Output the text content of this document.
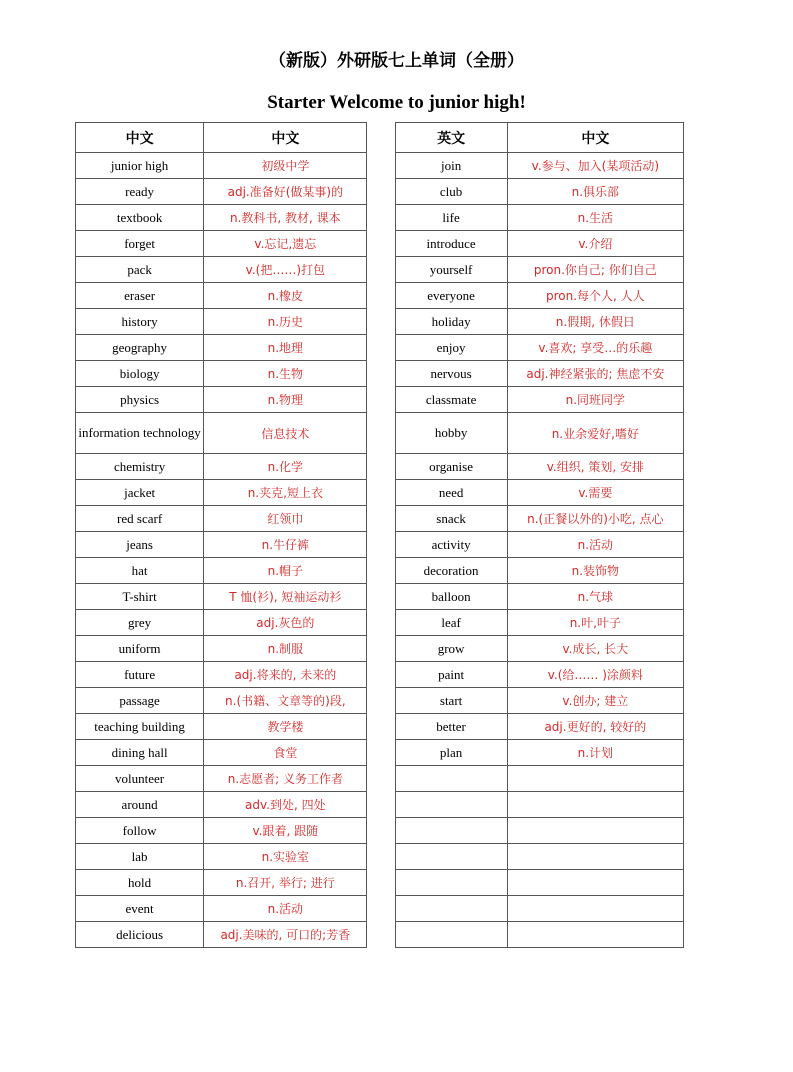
（新版）外研版七上单词（全册）
Starter Welcome to junior high!
中文	中文		英文	中文
junior high	初级中学		join	v.参与、加入(某项活动)
ready	adj.准备好(做某事)的		club	n.俱乐部
textbook	n.教科书, 教材, 课本		life	n.生活
forget	v.忘记,遗忘		introduce	v.介绍
pack	v.(把……)打包		yourself	pron.你自己; 你们自己
eraser	n.橡皮		everyone	pron.每个人, 人人
history	n.历史		holiday	n.假期, 休假日
geography	n.地理		enjoy	v.喜欢; 享受…的乐趣
biology	n.生物		nervous	adj.神经紧张的; 焦虑不安
physics	n.物理		classmate	n.同班同学
information technology	信息技术		hobby	n.业余爱好,嗜好
chemistry	n.化学		organise	v.组织, 策划, 安排
jacket	n.夹克,短上衣		need	v.需要
red scarf	红领巾		snack	n.(正餐以外的)小吃, 点心
jeans	n.牛仔裤		activity	n.活动
hat	n.帽子		decoration	n.装饰物
T-shirt	T 恤(衫), 短袖运动衫		balloon	n.气球
grey	adj.灰色的		leaf	n.叶,叶子
uniform	n.制服		grow	v.成长, 长大
future	adj.将来的, 未来的		paint	v.(给…… )涂颜料
passage	n.(书籍、文章等的)段,		start	v.创办; 建立
teaching building	教学楼		better	adj.更好的, 较好的
dining hall	食堂		plan	n.计划
volunteer	n.志愿者; 义务工作者			
around	adv.到处, 四处			
follow	v.跟着, 跟随			
lab	n.实验室			
hold	n.召开, 举行; 进行			
event	n.活动			
delicious	adj.美味的, 可口的;芳香			
